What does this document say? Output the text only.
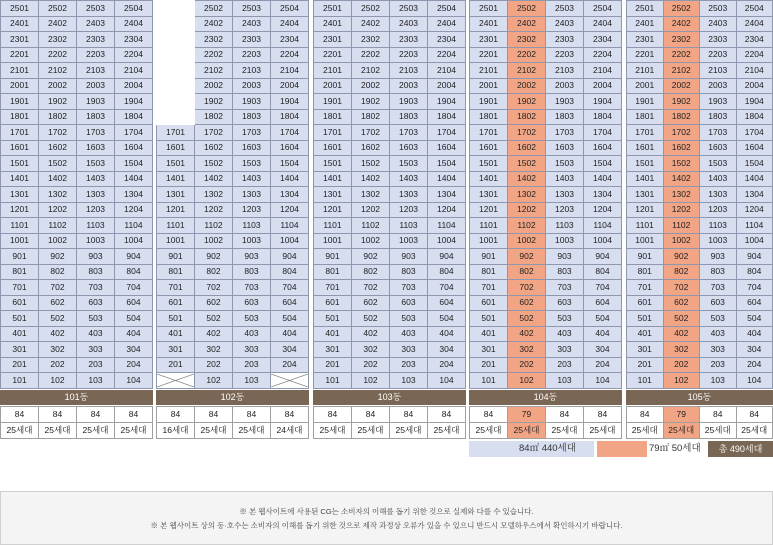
2501	2502	2503	2504
2401	2402	2403	2404
2301	2302	2303	2304
2201	2202	2203	2204
2101	2102	2103	2104
2001	2002	2003	2004
1901	1902	1903	1904
1801	1802	1803	1804
1701	1702	1703	1704
1601	1602	1603	1604
1501	1502	1503	1504
1401	1402	1403	1404
1301	1302	1303	1304
1201	1202	1203	1204
1101	1102	1103	1104
1001	1002	1003	1004
901	902	903	904
801	802	803	804
701	702	703	704
601	602	603	604
501	502	503	504
401	402	403	404
301	302	303	304
201	202	203	204
101	102	103	104
101동
84	84	84	84
25세대	25세대	25세대	25세대
	2502	2503	2504
	2402	2403	2404
	2302	2303	2304
	2202	2203	2204
	2102	2103	2104
	2002	2003	2004
	1902	1903	1904
	1802	1803	1804
1701	1702	1703	1704
1601	1602	1603	1604
1501	1502	1503	1504
1401	1402	1403	1404
1301	1302	1303	1304
1201	1202	1203	1204
1101	1102	1103	1104
1001	1002	1003	1004
901	902	903	904
801	802	803	804
701	702	703	704
601	602	603	604
501	502	503	504
401	402	403	404
301	302	303	304
201	202	203	204

	102	103	
102동
84	84	84	84
16세대	25세대	25세대	24세대
2501	2502	2503	2504
2401	2402	2403	2404
2301	2302	2303	2304
2201	2202	2203	2204
2101	2102	2103	2104
2001	2002	2003	2004
1901	1902	1903	1904
1801	1802	1803	1804
1701	1702	1703	1704
1601	1602	1603	1604
1501	1502	1503	1504
1401	1402	1403	1404
1301	1302	1303	1304
1201	1202	1203	1204
1101	1102	1103	1104
1001	1002	1003	1004
901	902	903	904
801	802	803	804
701	702	703	704
601	602	603	604
501	502	503	504
401	402	403	404
301	302	303	304
201	202	203	204
101	102	103	104
103동
84	84	84	84
25세대	25세대	25세대	25세대
2501	2502	2503	2504
2401	2402	2403	2404
2301	2302	2303	2304
2201	2202	2203	2204
2101	2102	2103	2104
2001	2002	2003	2004
1901	1902	1903	1904
1801	1802	1803	1804
1701	1702	1703	1704
1601	1602	1603	1604
1501	1502	1503	1504
1401	1402	1403	1404
1301	1302	1303	1304
1201	1202	1203	1204
1101	1102	1103	1104
1001	1002	1003	1004
901	902	903	904
801	802	803	804
701	702	703	704
601	602	603	604
501	502	503	504
401	402	403	404
301	302	303	304
201	202	203	204
101	102	103	104
104동
84	79	84	84
25세대	25세대	25세대	25세대
2501	2502	2503	2504
2401	2402	2403	2404
2301	2302	2303	2304
2201	2202	2203	2204
2101	2102	2103	2104
2001	2002	2003	2004
1901	1902	1903	1904
1801	1802	1803	1804
1701	1702	1703	1704
1601	1602	1603	1604
1501	1502	1503	1504
1401	1402	1403	1404
1301	1302	1303	1304
1201	1202	1203	1204
1101	1102	1103	1104
1001	1002	1003	1004
901	902	903	904
801	802	803	804
701	702	703	704
601	602	603	604
501	502	503	504
401	402	403	404
301	302	303	304
201	202	203	204
101	102	103	104
105동
84	79	84	84
25세대	25세대	25세대	25세대
84㎡ 440세대	79㎡ 50세대	총 490세대
※ 본 웹사이트에 사용된 CG는 소비자의 이해를 돕기 위한 것으로 실제와 다를 수 있습니다.
※ 본 웹사이트 상의 동·호수는 소비자의 이해를 돕기 위한 것으로 제작 과정상 오류가 있을 수 있으니 반드시 모델하우스에서 확인하시기 바랍니다.
